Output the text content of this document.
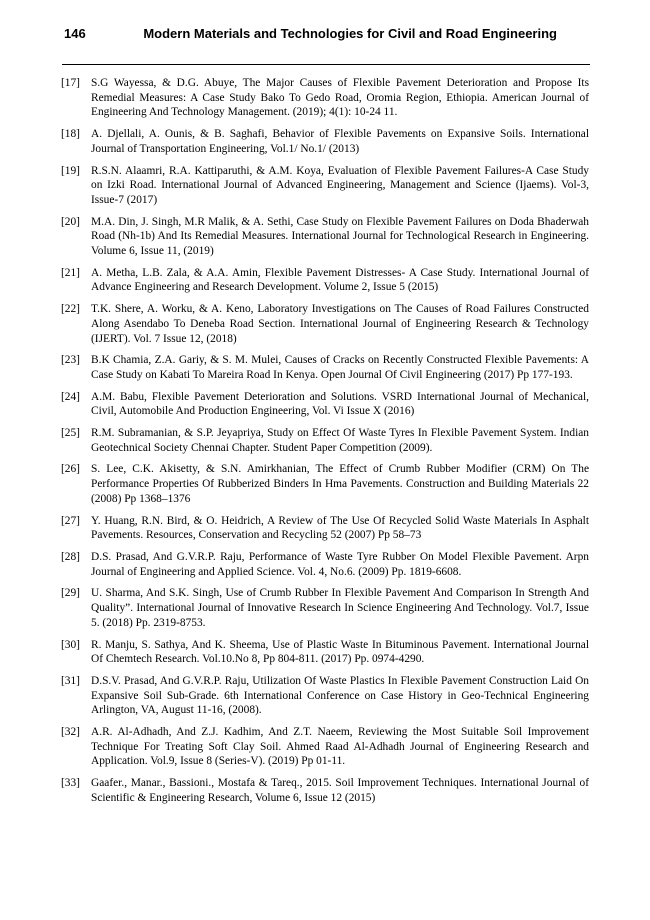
146	Modern Materials and Technologies for Civil and Road Engineering
[17] S.G Wayessa, & D.G. Abuye, The Major Causes of Flexible Pavement Deterioration and Propose Its Remedial Measures: A Case Study Bako To Gedo Road, Oromia Region, Ethiopia. American Journal of Engineering And Technology Management. (2019); 4(1): 10-24 11.
[18] A. Djellali, A. Ounis, & B. Saghafi, Behavior of Flexible Pavements on Expansive Soils. International Journal of Transportation Engineering, Vol.1/ No.1/ (2013)
[19] R.S.N. Alaamri, R.A. Kattiparuthi, & A.M. Koya, Evaluation of Flexible Pavement Failures-A Case Study on Izki Road. International Journal of Advanced Engineering, Management and Science (Ijaems). Vol-3, Issue-7 (2017)
[20] M.A. Din, J. Singh, M.R Malik, & A. Sethi, Case Study on Flexible Pavement Failures on Doda Bhaderwah Road (Nh-1b) And Its Remedial Measures. International Journal for Technological Research in Engineering. Volume 6, Issue 11, (2019)
[21] A. Metha, L.B. Zala, & A.A. Amin, Flexible Pavement Distresses- A Case Study. International Journal of Advance Engineering and Research Development. Volume 2, Issue 5 (2015)
[22] T.K. Shere, A. Worku, & A. Keno, Laboratory Investigations on The Causes of Road Failures Constructed Along Asendabo To Deneba Road Section. International Journal of Engineering Research & Technology (IJERT). Vol. 7 Issue 12, (2018)
[23] B.K Chamia, Z.A. Gariy, & S. M. Mulei, Causes of Cracks on Recently Constructed Flexible Pavements: A Case Study on Kabati To Mareira Road In Kenya. Open Journal Of Civil Engineering (2017) Pp 177-193.
[24] A.M. Babu, Flexible Pavement Deterioration and Solutions. VSRD International Journal of Mechanical, Civil, Automobile And Production Engineering, Vol. Vi Issue X (2016)
[25] R.M. Subramanian, & S.P. Jeyapriya, Study on Effect Of Waste Tyres In Flexible Pavement System. Indian Geotechnical Society Chennai Chapter. Student Paper Competition (2009).
[26] S. Lee, C.K. Akisetty, & S.N. Amirkhanian, The Effect of Crumb Rubber Modifier (CRM) On The Performance Properties Of Rubberized Binders In Hma Pavements. Construction and Building Materials 22 (2008) Pp 1368–1376
[27] Y. Huang, R.N. Bird, & O. Heidrich, A Review of The Use Of Recycled Solid Waste Materials In Asphalt Pavements. Resources, Conservation and Recycling 52 (2007) Pp 58–73
[28] D.S. Prasad, And G.V.R.P. Raju, Performance of Waste Tyre Rubber On Model Flexible Pavement. Arpn Journal of Engineering and Applied Science. Vol. 4, No.6. (2009) Pp. 1819-6608.
[29] U. Sharma, And S.K. Singh, Use of Crumb Rubber In Flexible Pavement And Comparison In Strength And Quality”. International Journal of Innovative Research In Science Engineering And Technology. Vol.7, Issue 5. (2018) Pp. 2319-8753.
[30] R. Manju, S. Sathya, And K. Sheema, Use of Plastic Waste In Bituminous Pavement. International Journal Of Chemtech Research. Vol.10.No 8, Pp 804-811. (2017) Pp. 0974-4290.
[31] D.S.V. Prasad, And G.V.R.P. Raju, Utilization Of Waste Plastics In Flexible Pavement Construction Laid On Expansive Soil Sub-Grade. 6th International Conference on Case History in Geo-Technical Engineering Arlington, VA, August 11-16, (2008).
[32] A.R. Al-Adhadh, And Z.J. Kadhim, And Z.T. Naeem, Reviewing the Most Suitable Soil Improvement Technique For Treating Soft Clay Soil. Ahmed Raad Al-Adhadh Journal of Engineering Research and Application. Vol.9, Issue 8 (Series-V). (2019) Pp 01-11.
[33] Gaafer., Manar., Bassioni., Mostafa & Tareq., 2015. Soil Improvement Techniques. International Journal of Scientific & Engineering Research, Volume 6, Issue 12 (2015)
